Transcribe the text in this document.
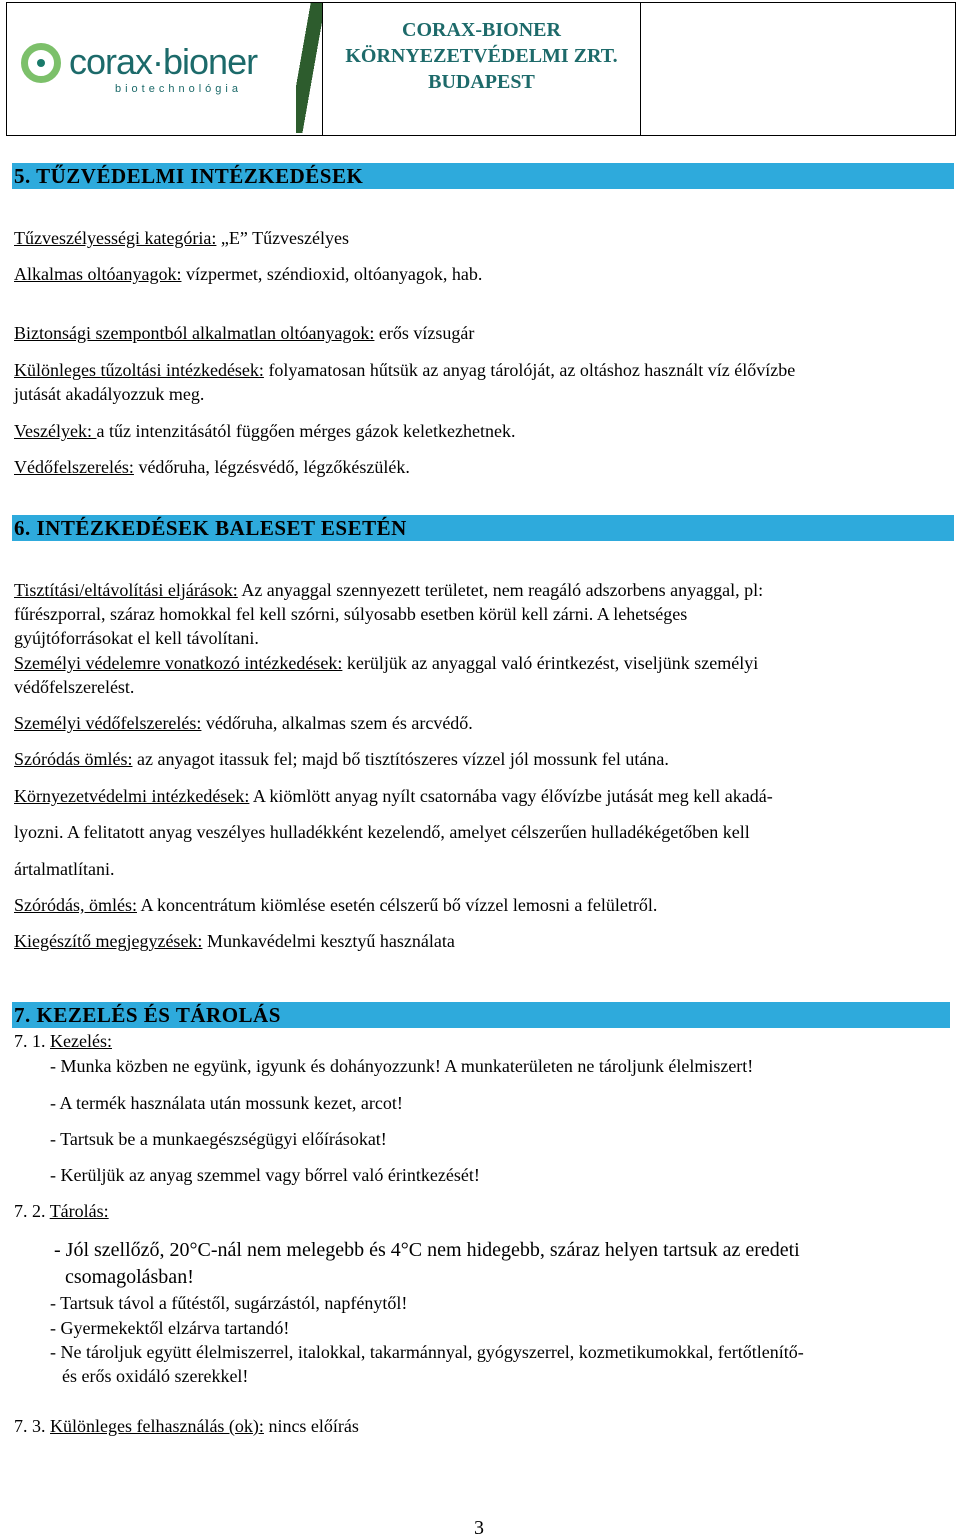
corax·bioner
biotechnológia
CORAX-BIONER
KÖRNYEZETVÉDELMI ZRT.
BUDAPEST
5. TŰZVÉDELMI INTÉZKEDÉSEK
Tűzveszélyességi kategória: „E” Tűzveszélyes
Alkalmas oltóanyagok: vízpermet, széndioxid, oltóanyagok, hab.
Biztonsági szempontból alkalmatlan oltóanyagok: erős vízsugár
Különleges tűzoltási intézkedések: folyamatosan hűtsük az anyag tárolóját, az oltáshoz használt víz élővízbe
jutását akadályozzuk meg.
Veszélyek: a tűz intenzitásától függően mérges gázok keletkezhetnek.
Védőfelszerelés: védőruha, légzésvédő, légzőkészülék.
6. INTÉZKEDÉSEK BALESET ESETÉN
Tisztítási/eltávolítási eljárások: Az anyaggal szennyezett területet, nem reagáló adszorbens anyaggal, pl:
fűrészporral, száraz homokkal fel kell szórni, súlyosabb esetben körül kell zárni. A lehetséges
gyújtóforrásokat el kell távolítani.
Személyi védelemre vonatkozó intézkedések: kerüljük az anyaggal való érintkezést, viseljünk személyi
védőfelszerelést.
Személyi védőfelszerelés: védőruha, alkalmas szem és arcvédő.
Szóródás ömlés: az anyagot itassuk fel; majd bő tisztítószeres vízzel jól mossunk fel utána.
Környezetvédelmi intézkedések: A kiömlött anyag nyílt csatornába vagy élővízbe jutását meg kell akadá-
lyozni. A felitatott anyag veszélyes hulladékként kezelendő, amelyet célszerűen hulladékégetőben kell
ártalmatlítani.
Szóródás, ömlés: A koncentrátum kiömlése esetén célszerű bő vízzel lemosni a felületről.
Kiegészítő megjegyzések: Munkavédelmi kesztyű használata
7. KEZELÉS ÉS TÁROLÁS
7. 1. Kezelés:
- Munka közben ne együnk, igyunk és dohányozzunk! A munkaterületen ne tároljunk élelmiszert!
- A termék használata után mossunk kezet, arcot!
- Tartsuk be a munkaegészségügyi előírásokat!
- Kerüljük az anyag szemmel vagy bőrrel való érintkezését!
7. 2. Tárolás:
- Jól szellőző, 20°C-nál nem melegebb és 4°C nem hidegebb, száraz helyen tartsuk az eredeti
csomagolásban!
- Tartsuk távol a fűtéstől, sugárzástól, napfénytől!
- Gyermekektől elzárva tartandó!
- Ne tároljuk együtt élelmiszerrel, italokkal, takarmánnyal, gyógyszerrel, kozmetikumokkal, fertőtlenítő-
és erős oxidáló szerekkel!
7. 3. Különleges felhasználás (ok): nincs előírás
3
